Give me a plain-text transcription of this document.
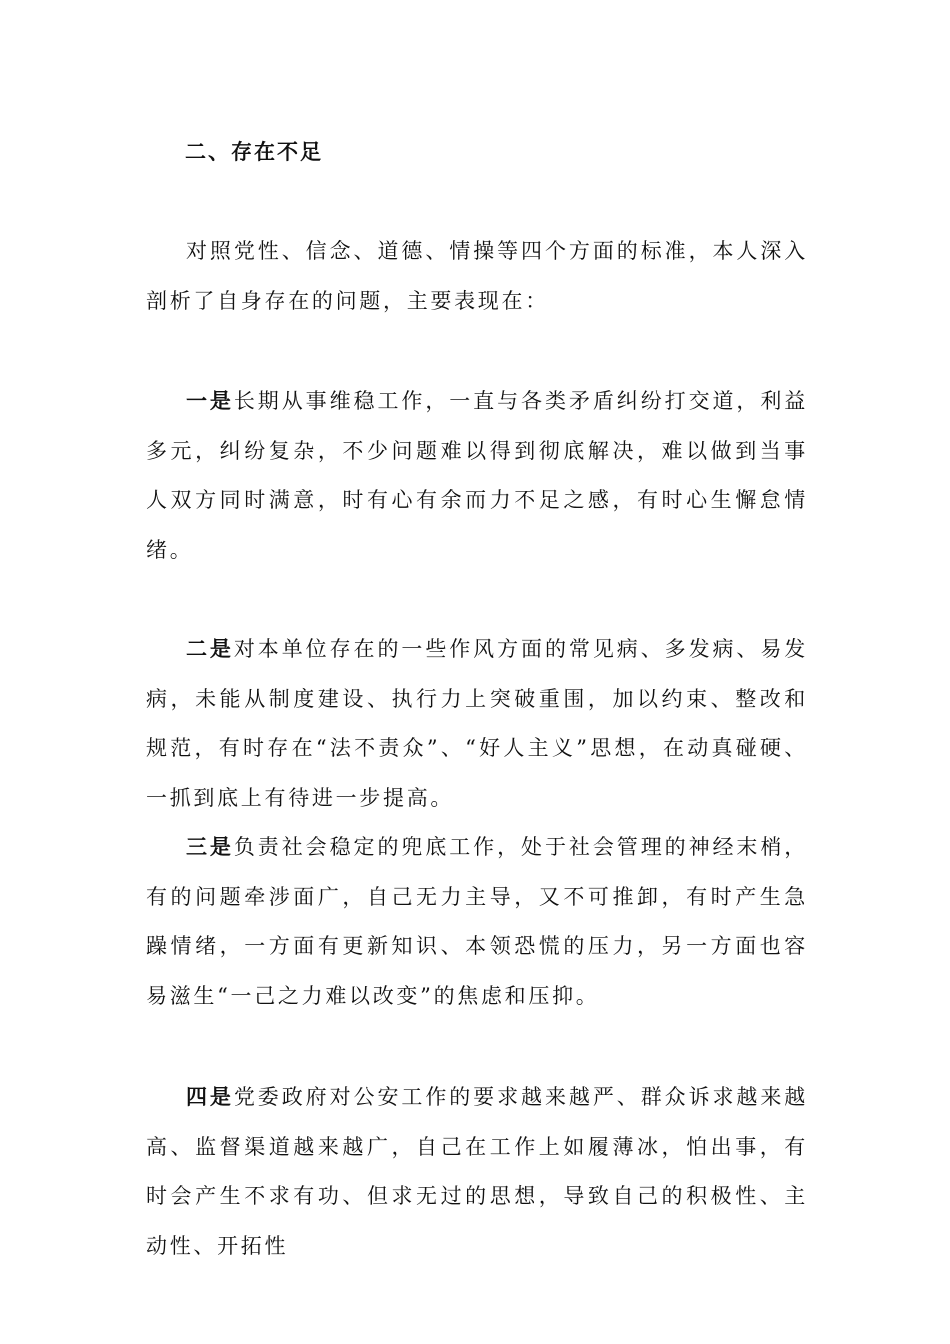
二、存在不足

对照党性、信念、道德、情操等四个方面的标准，本人深入剖析了自身存在的问题，主要表现在：

一是长期从事维稳工作，一直与各类矛盾纠纷打交道，利益多元，纠纷复杂，不少问题难以得到彻底解决，难以做到当事人双方同时满意，时有心有余而力不足之感，有时心生懈怠情绪。

二是对本单位存在的一些作风方面的常见病、多发病、易发病，未能从制度建设、执行力上突破重围，加以约束、整改和规范，有时存在“法不责众”、“好人主义”思想，在动真碰硬、一抓到底上有待进一步提高。

三是负责社会稳定的兜底工作，处于社会管理的神经末梢，有的问题牵涉面广，自己无力主导，又不可推卸，有时产生急躁情绪，一方面有更新知识、本领恐慌的压力，另一方面也容易滋生“一己之力难以改变”的焦虑和压抑。

四是党委政府对公安工作的要求越来越严、群众诉求越来越高、监督渠道越来越广，自己在工作上如履薄冰，怕出事，有时会产生不求有功、但求无过的思想，导致自己的积极性、主动性、开拓性
